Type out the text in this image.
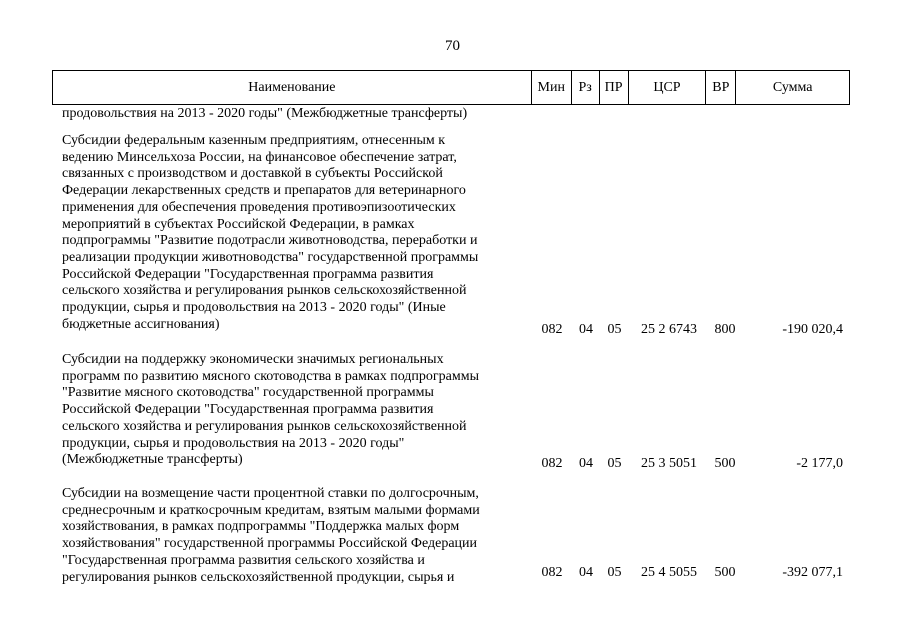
70
Наименование	Мин Рз ПР	ЦСР	ВР	Сумма
продовольствия на 2013 - 2020 годы" (Межбюджетные трансферты)
Субсидии федеральным казенным предприятиям, отнесенным к
ведению Минсельхоза России, на финансовое обеспечение затрат,
связанных с производством и доставкой в субъекты Российской
Федерации лекарственных средств и препаратов для ветеринарного
применения для обеспечения проведения противоэпизоотических
мероприятий в субъектах Российской Федерации, в рамках
подпрограммы "Развитие подотрасли животноводства, переработки и
реализации продукции животноводства" государственной программы
Российской Федерации "Государственная программа развития
сельского хозяйства и регулирования рынков сельскохозяйственной
продукции, сырья и продовольствия на 2013 - 2020 годы" (Иные
бюджетные ассигнования)	082	04	05	25 2 6743	800	-190 020,4
Субсидии на поддержку экономически значимых региональных
программ по развитию мясного скотоводства в рамках подпрограммы
"Развитие мясного скотоводства" государственной программы
Российской Федерации "Государственная программа развития
сельского хозяйства и регулирования рынков сельскохозяйственной
продукции, сырья и продовольствия на 2013 - 2020 годы"
(Межбюджетные трансферты)	082	04	05	25 3 5051	500	-2 177,0
Субсидии на возмещение части процентной ставки по долгосрочным,
среднесрочным и краткосрочным кредитам, взятым малыми формами
хозяйствования, в рамках подпрограммы "Поддержка малых форм
хозяйствования" государственной программы Российской Федерации
"Государственная программа развития сельского хозяйства и
регулирования рынков сельскохозяйственной продукции, сырья и	082	04	05	25 4 5055	500	-392 077,1
